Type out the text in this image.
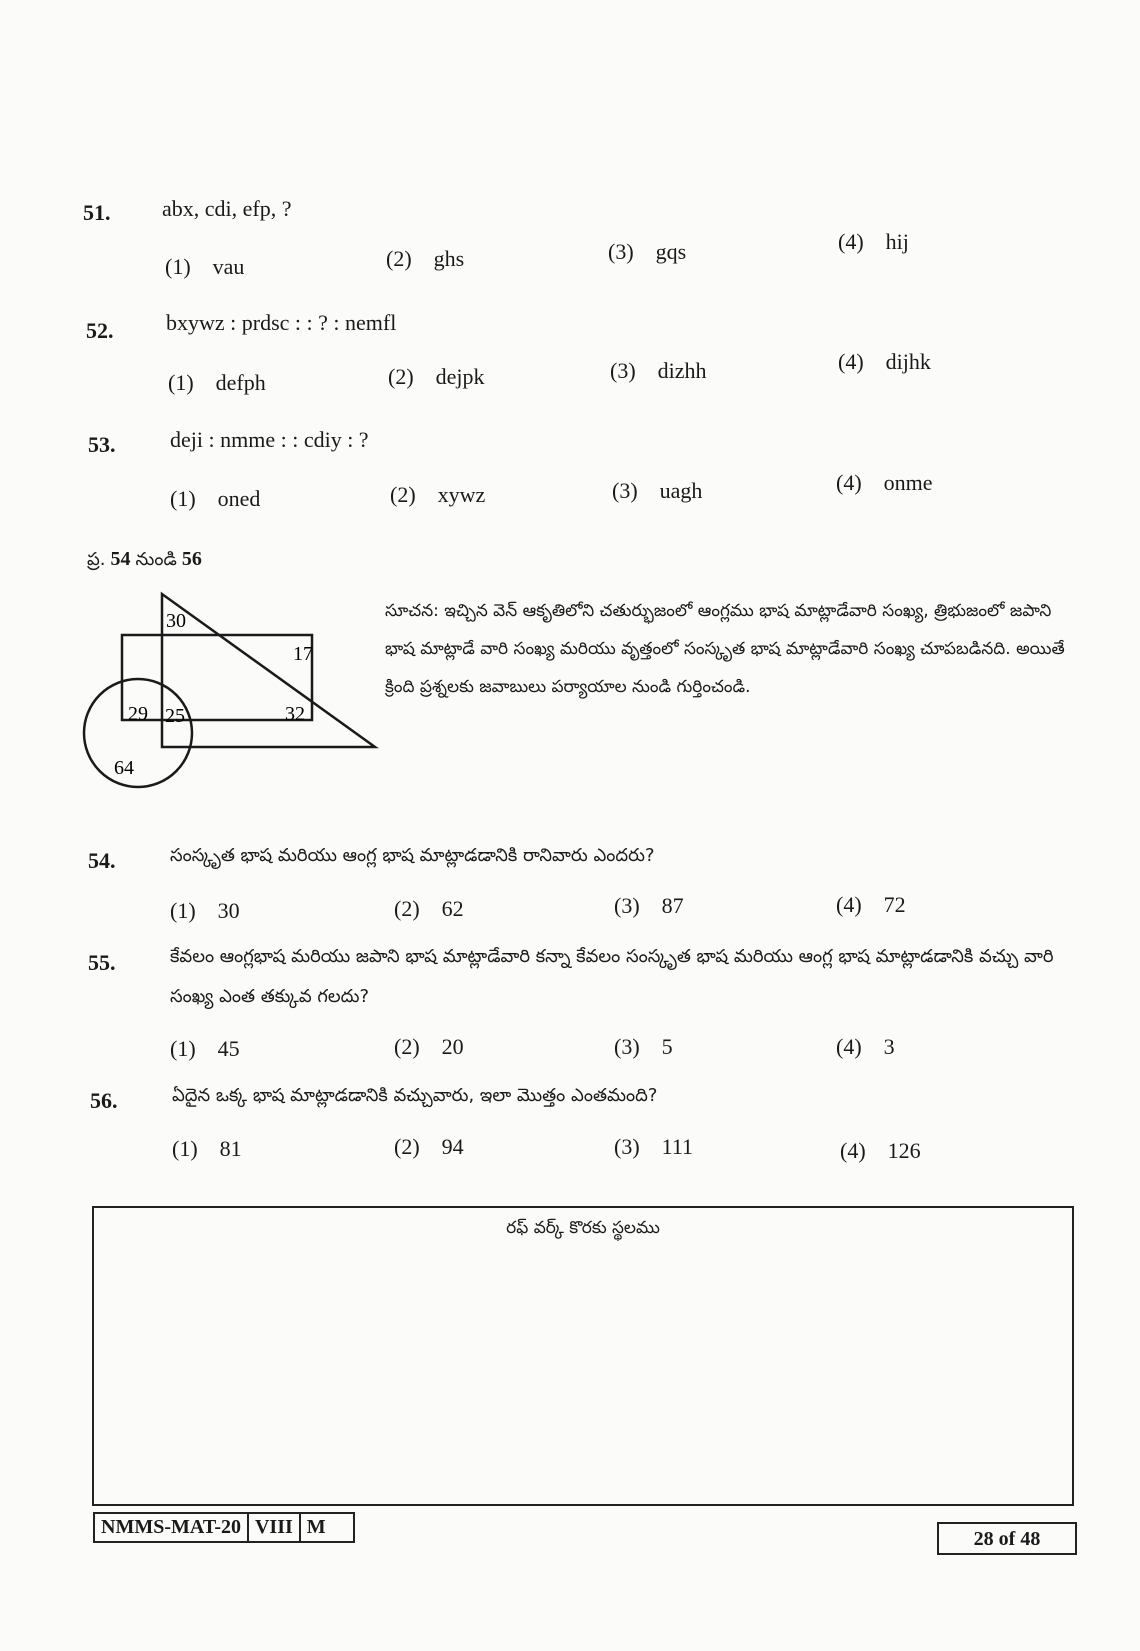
51. abx, cdi, efp, ?
(1) vau	(2) ghs	(3) gqs	(4) hij
52. bxywz : prdsc : : ? : nemfl
(1) defph	(2) dejpk	(3) dizhh	(4) dijhk
53. deji : nmme : : cdiy : ?
(1) oned	(2) xywz	(3) uagh	(4) onme
ప్ర. 54 నుండి 56
30
17
29 25	32
64
సూచన: ఇచ్చిన వెన్ ఆకృతిలోని చతుర్భుజంలో ఆంగ్లము భాష మాట్లాడేవారి సంఖ్య, త్రిభుజంలో జపాని భాష మాట్లాడే వారి సంఖ్య మరియు వృత్తంలో సంస్కృత భాష మాట్లాడేవారి సంఖ్య చూపబడినది. అయితే క్రింది ప్రశ్నలకు జవాబులు పర్యాయాల నుండి గుర్తించండి.
54.	సంస్కృత భాష మరియు ఆంగ్ల భాష మాట్లాడడానికి రానివారు ఎందరు?
(1) 30	(2) 62	(3) 87	(4) 72
55.	కేవలం ఆంగ్లభాష మరియు జపాని భాష మాట్లాడేవారి కన్నా కేవలం సంస్కృత భాష మరియు ఆంగ్ల భాష మాట్లాడడానికి వచ్చు వారి సంఖ్య ఎంత తక్కువ గలదు?
(1) 45	(2) 20	(3) 5	(4) 3
56.	ఏదైన ఒక్క భాష మాట్లాడడానికి వచ్చువారు, ఇలా మొత్తం ఎంతమంది?
(1) 81	(2) 94	(3) 111	(4) 126
రఫ్ వర్క్ కొరకు స్థలము
NMMS-MAT-20 VIII M
28 of 48
